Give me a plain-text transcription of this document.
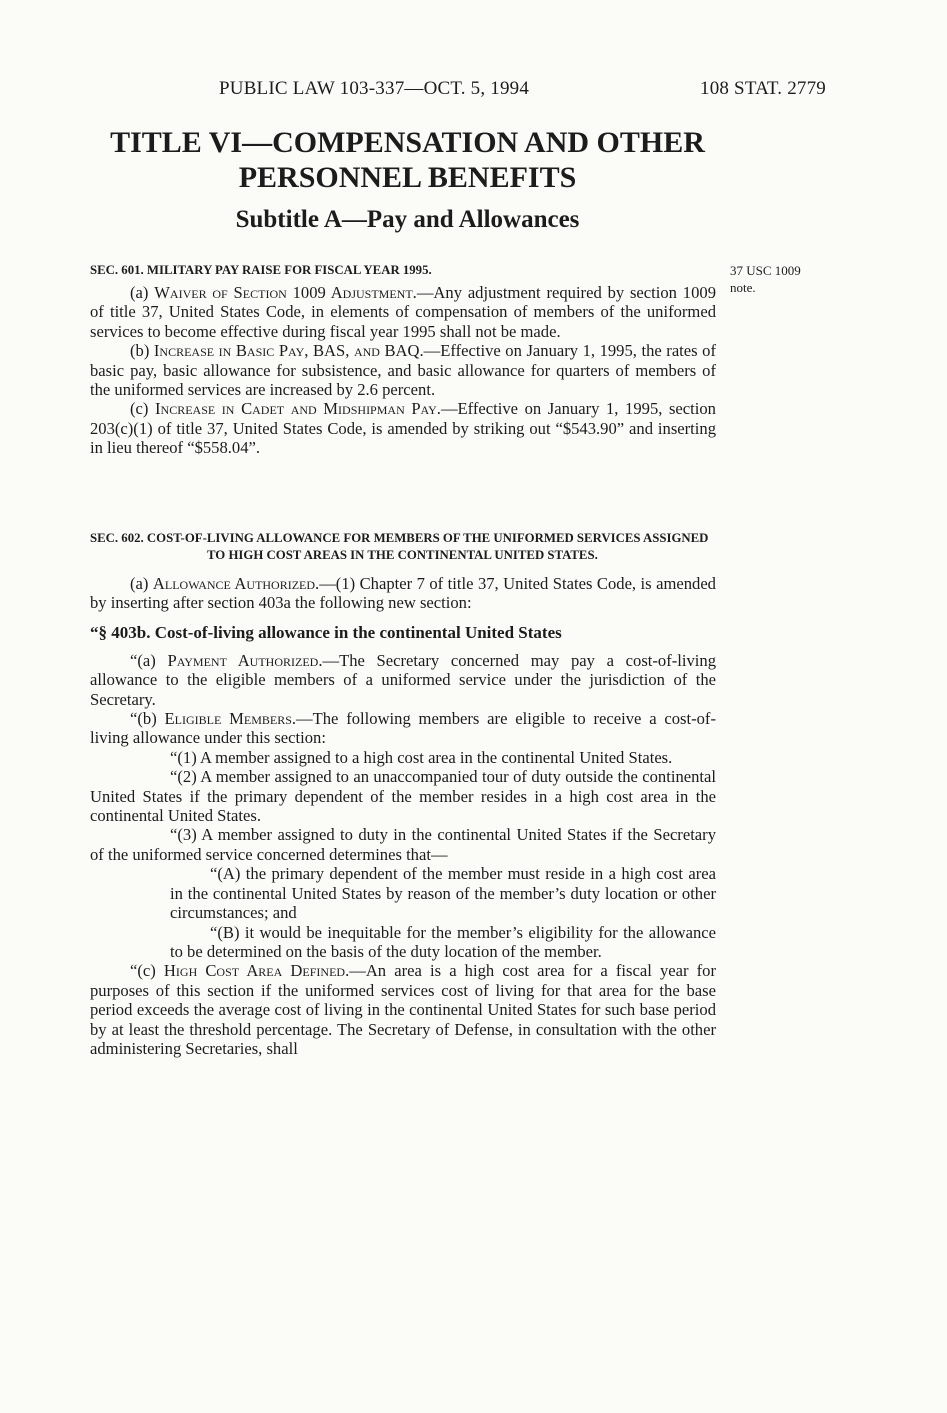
PUBLIC LAW 103-337—OCT. 5, 1994	108 STAT. 2779
TITLE VI—COMPENSATION AND OTHER
PERSONNEL BENEFITS
Subtitle A—Pay and Allowances
37 USC 1009
note.

SEC. 601. MILITARY PAY RAISE FOR FISCAL YEAR 1995.

(a) Waiver of Section 1009 Adjustment.—Any adjustment required by section 1009 of title 37, United States Code, in elements of compensation of members of the uniformed services to become effective during fiscal year 1995 shall not be made.

(b) Increase in Basic Pay, BAS, and BAQ.—Effective on January 1, 1995, the rates of basic pay, basic allowance for subsistence, and basic allowance for quarters of members of the uniformed services are increased by 2.6 percent.

(c) Increase in Cadet and Midshipman Pay.—Effective on January 1, 1995, section 203(c)(1) of title 37, United States Code, is amended by striking out “$543.90” and inserting in lieu thereof “$558.04”.

SEC. 602. COST-OF-LIVING ALLOWANCE FOR MEMBERS OF THE UNIFORMED SERVICES ASSIGNED TO HIGH COST AREAS IN THE CONTINENTAL UNITED STATES.

(a) Allowance Authorized.—(1) Chapter 7 of title 37, United States Code, is amended by inserting after section 403a the following new section:

“§ 403b. Cost-of-living allowance in the continental United States

“(a) Payment Authorized.—The Secretary concerned may pay a cost-of-living allowance to the eligible members of a uniformed service under the jurisdiction of the Secretary.

“(b) Eligible Members.—The following members are eligible to receive a cost-of-living allowance under this section:

“(1) A member assigned to a high cost area in the continental United States.

“(2) A member assigned to an unaccompanied tour of duty outside the continental United States if the primary dependent of the member resides in a high cost area in the continental United States.

“(3) A member assigned to duty in the continental United States if the Secretary of the uniformed service concerned determines that—

“(A) the primary dependent of the member must reside in a high cost area in the continental United States by reason of the member’s duty location or other circumstances; and

“(B) it would be inequitable for the member’s eligibility for the allowance to be determined on the basis of the duty location of the member.

“(c) High Cost Area Defined.—An area is a high cost area for a fiscal year for purposes of this section if the uniformed services cost of living for that area for the base period exceeds the average cost of living in the continental United States for such base period by at least the threshold percentage. The Secretary of Defense, in consultation with the other administering Secretaries, shall
